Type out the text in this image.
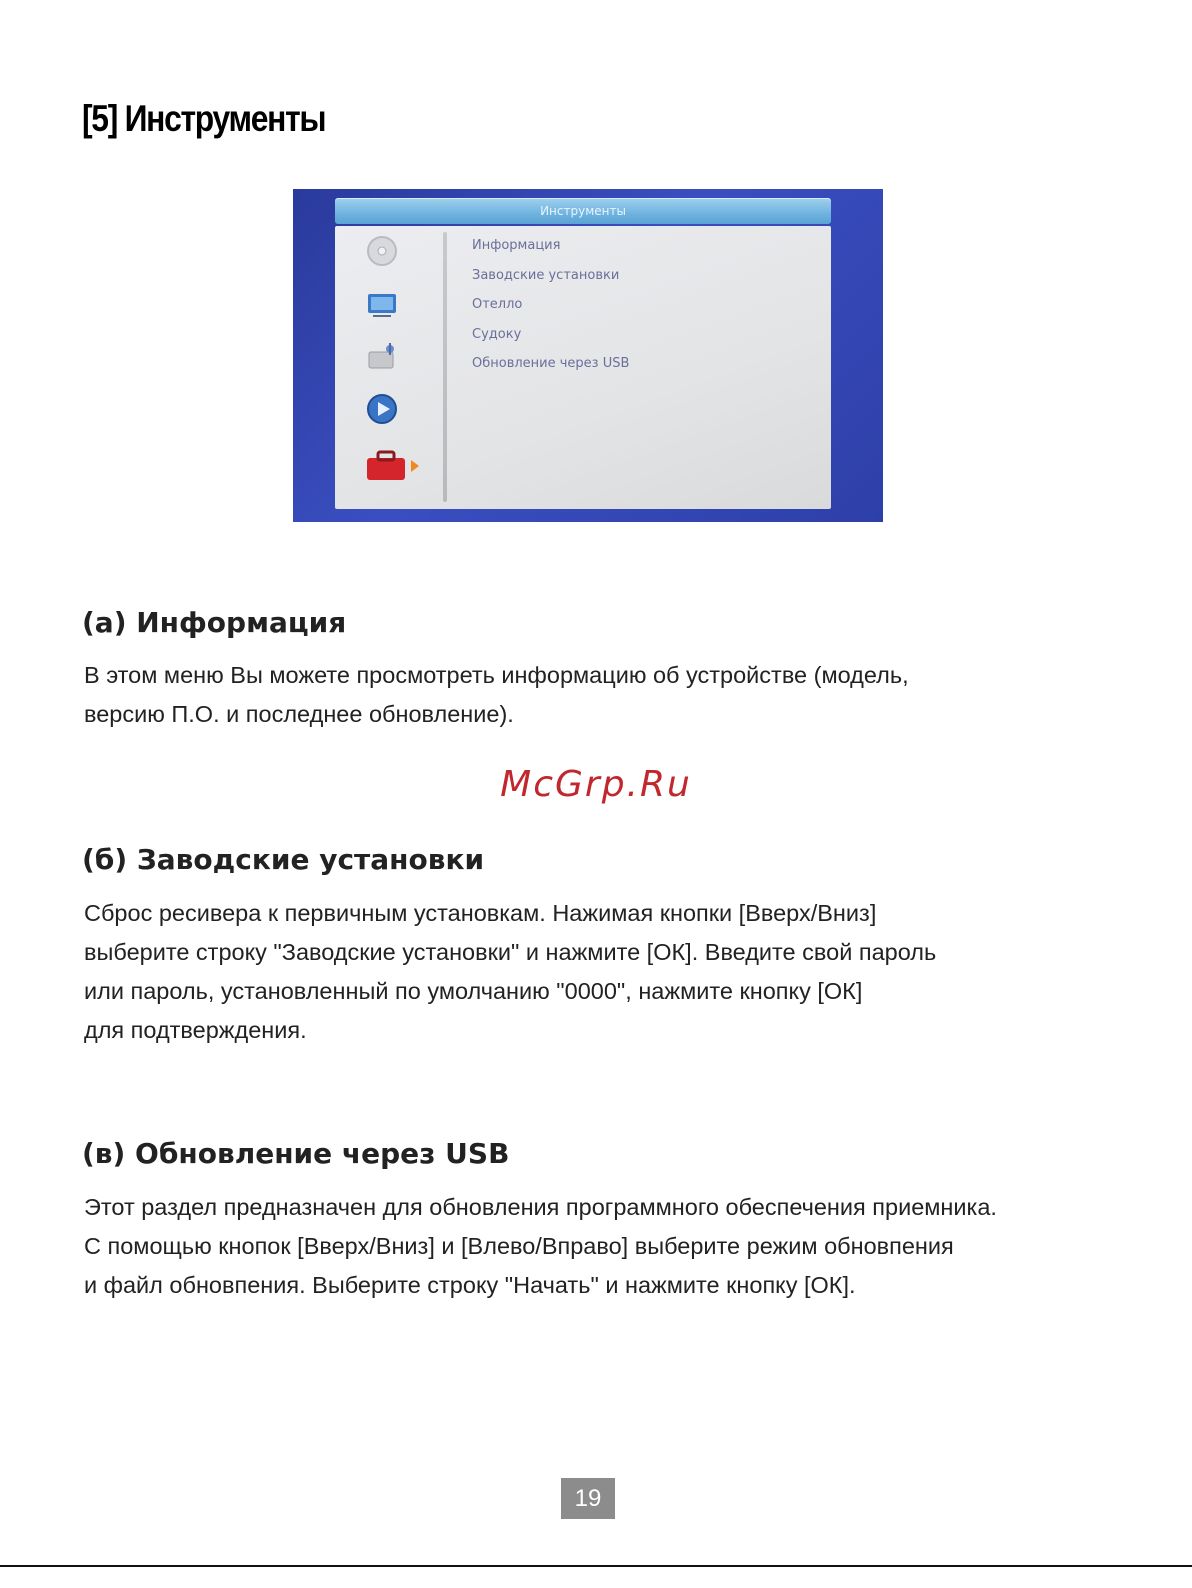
[5] Инструменты
Инструменты
Информация
Заводские установки
Отелло
Судоку
Обновление через USB
(а) Информация

В этом меню Вы можете просмотреть информацию об устройстве (модель,
версию П.О. и последнее обновление).

McGrp.Ru
(б) Заводские установки

Сброс ресивера к первичным установкам. Нажимая кнопки [Вверх/Вниз]
выберите строку "Заводские установки" и нажмите [ОК]. Введите свой пароль
или пароль, установленный по умолчанию "0000", нажмите кнопку [ОК]
для подтверждения.

(в) Обновление через USB

Этот раздел предназначен для обновления программного обеспечения приемника.
С помощью кнопок [Вверх/Вниз] и [Влево/Вправо] выберите режим обновпения
и файл обновпения. Выберите строку "Начать" и нажмите кнопку [ОК].

19
